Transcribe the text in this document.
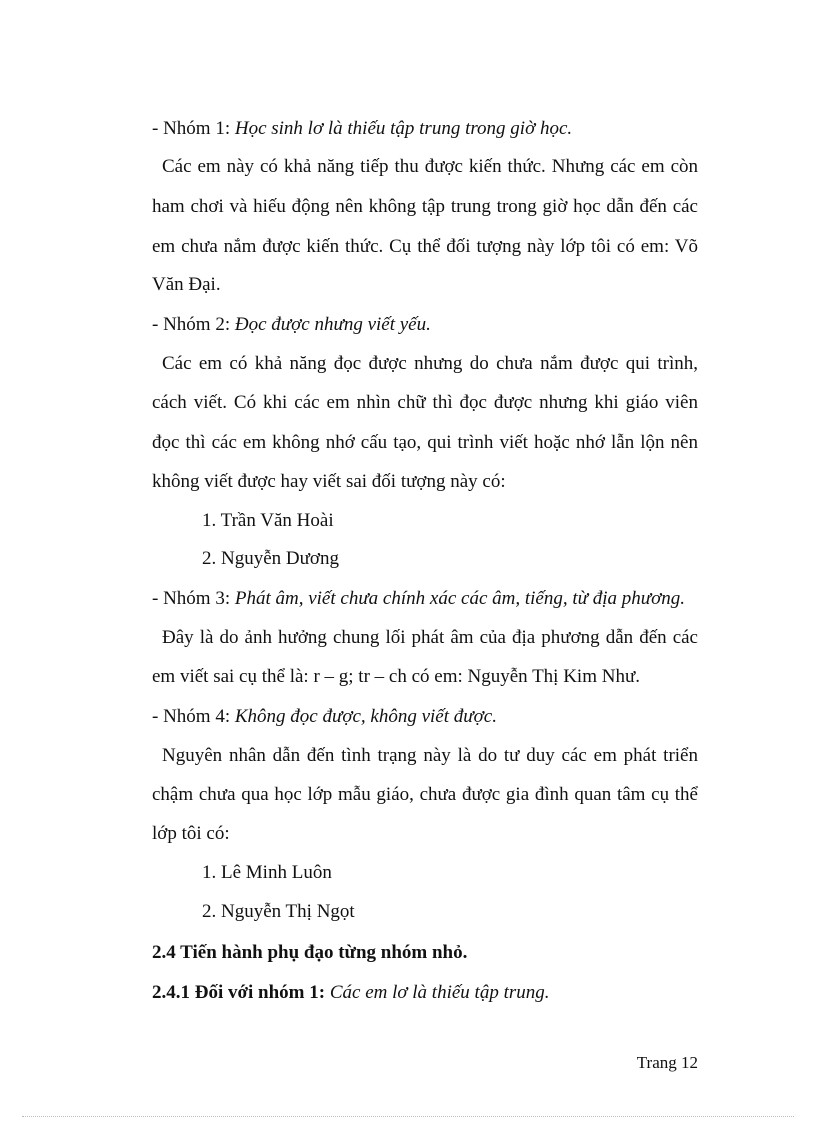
- Nhóm 1: Học sinh lơ là thiếu tập trung trong giờ học.
Các em này có khả năng tiếp thu được kiến thức. Nhưng các em còn
ham chơi và hiếu động nên không tập trung trong giờ học dẫn đến các
em chưa nắm được kiến thức. Cụ thể đối tượng này lớp tôi có em: Võ
Văn Đại.
- Nhóm 2: Đọc được nhưng viết yếu.
Các em có khả năng đọc được nhưng do chưa nắm được qui trình,
cách viết. Có khi các em nhìn chữ thì đọc được nhưng khi giáo viên
đọc thì các em không nhớ cấu tạo, qui trình viết hoặc nhớ lẫn lộn nên
không viết được hay viết sai đối tượng này có:
1. Trần Văn Hoài
2. Nguyễn Dương
- Nhóm 3: Phát âm, viết chưa chính xác các âm, tiếng, từ địa phương.
Đây là do ảnh hưởng chung lối phát âm của địa phương dẫn đến các
em viết sai cụ thể là: r – g; tr – ch có em: Nguyễn Thị Kim Như.
- Nhóm 4: Không đọc được, không viết được.
Nguyên nhân dẫn đến tình trạng này là do tư duy các em phát triển
chậm chưa qua học lớp mẫu giáo, chưa được gia đình quan tâm cụ thể
lớp tôi có:
1. Lê Minh Luôn
2. Nguyễn Thị Ngọt
2.4 Tiến hành phụ đạo từng nhóm nhỏ.
2.4.1 Đối với nhóm 1: Các em lơ là thiếu tập trung.
Trang 12
